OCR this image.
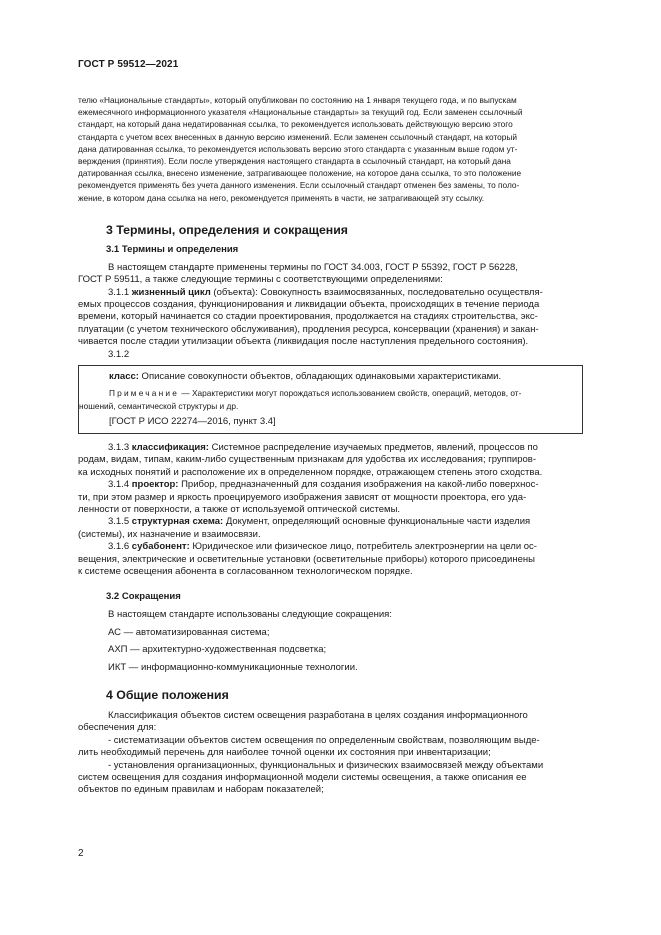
ГОСТ Р 59512—2021

телю «Национальные стандарты», который опубликован по состоянию на 1 января текущего года, и по выпускам
ежемесячного информационного указателя «Национальные стандарты» за текущий год. Если заменен ссылочный
стандарт, на который дана недатированная ссылка, то рекомендуется использовать действующую версию этого
стандарта с учетом всех внесенных в данную версию изменений. Если заменен ссылочный стандарт, на который
дана датированная ссылка, то рекомендуется использовать версию этого стандарта с указанным выше годом ут-
верждения (принятия). Если после утверждения настоящего стандарта в ссылочный стандарт, на который дана
датированная ссылка, внесено изменение, затрагивающее положение, на которое дана ссылка, то это положение
рекомендуется применять без учета данного изменения. Если ссылочный стандарт отменен без замены, то поло-
жение, в котором дана ссылка на него, рекомендуется применять в части, не затрагивающей эту ссылку.

3 Термины, определения и сокращения
3.1 Термины и определения

В настоящем стандарте применены термины по ГОСТ 34.003, ГОСТ Р 55392, ГОСТ Р 56228,
ГОСТ Р 59511, а также следующие термины с соответствующими определениями:

3.1.1 жизненный цикл (объекта): Совокупность взаимосвязанных, последовательно осуществля-
емых процессов создания, функционирования и ликвидации объекта, происходящих в течение периода
времени, который начинается со стадии проектирования, продолжается на стадиях строительства, экс-
плуатации (с учетом технического обслуживания), продления ресурса, консервации (хранения) и закан-
чивается после стадии утилизации объекта (ликвидация после наступления предельного состояния).

3.1.2

класс: Описание совокупности объектов, обладающих одинаковыми характеристиками.

Примечание — Характеристики могут порождаться использованием свойств, операций, методов, от-

ношений, семантической структуры и др.

[ГОСТ Р ИСО 22274—2016, пункт 3.4]

3.1.3 классификация: Системное распределение изучаемых предметов, явлений, процессов по
родам, видам, типам, каким-либо существенным признакам для удобства их исследования; группиров-
ка исходных понятий и расположение их в определенном порядке, отражающем степень этого сходства.

3.1.4 проектор: Прибор, предназначенный для создания изображения на какой-либо поверхнос-
ти, при этом размер и яркость проецируемого изображения зависят от мощности проектора, его уда-
ленности от поверхности, а также от используемой оптической системы.

3.1.5 структурная схема: Документ, определяющий основные функциональные части изделия
(системы), их назначение и взаимосвязи.

3.1.6 субабонент: Юридическое или физическое лицо, потребитель электроэнергии на цели ос-
вещения, электрические и осветительные установки (осветительные приборы) которого присоединены
к системе освещения абонента в согласованном технологическом порядке.

3.2 Сокращения

В настоящем стандарте использованы следующие сокращения:

АС — автоматизированная система;

АХП — архитектурно-художественная подсветка;

ИКТ — информационно-коммуникационные технологии.

4 Общие положения

Классификация объектов систем освещения разработана в целях создания информационного
обеспечения для:

- систематизации объектов систем освещения по определенным свойствам, позволяющим выде-
лить необходимый перечень для наиболее точной оценки их состояния при инвентаризации;

- установления организационных, функциональных и физических взаимосвязей между объектами
систем освещения для создания информационной модели системы освещения, а также описания ее
объектов по единым правилам и наборам показателей;

2
